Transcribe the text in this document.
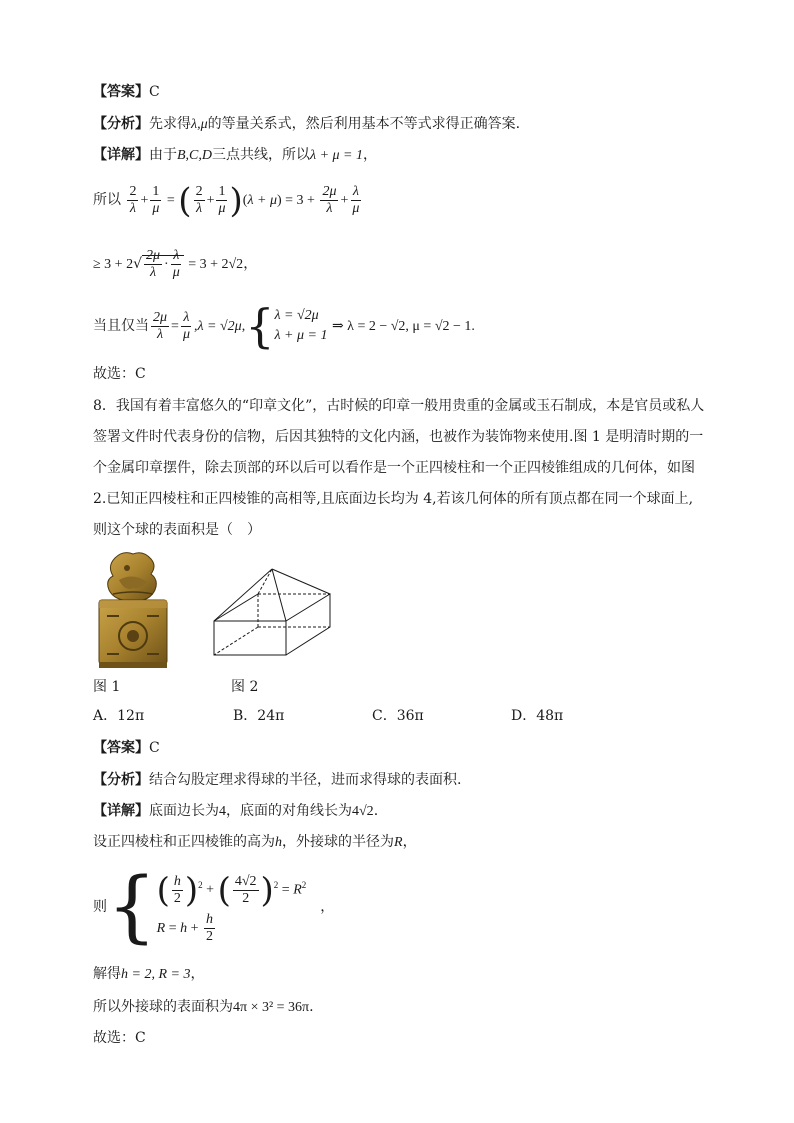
【答案】C
【分析】先求得λ,μ的等量关系式，然后利用基本不等式求得正确答案.
【详解】由于B,C,D三点共线，所以λ + μ = 1，
所以 $\frac{2}{\lambda} + \frac{1}{\mu}$ = ( $\frac{2}{\lambda} + \frac{1}{\mu} )(\lambda + \mu) = 3 + \frac{2\mu}{\lambda} + \frac{\lambda}{\mu}$
≥ $3 + 2√ \frac{2\mu}{\lambda} \cdot \frac{\lambda}{\mu} = 3 + 2√2$，
当且仅当 $\frac{2\mu}{\lambda} = \frac{\lambda}{\mu} ,\lambda = √2\mu$,{ λ = √2μ
λ + μ = 1
⇒ λ = 2 − √2, μ = √2 − 1.
故选：C
8．我国有着丰富悠久的“印章文化”，古时候的印章一般用贵重的金属或玉石制成，本是官员或私人
签署文件时代表身份的信物，后因其独特的文化内涵，也被作为装饰物来使用.图 1 是明清时期的一
个金属印章摆件，除去顶部的环以后可以看作是一个正四棱柱和一个正四棱锥组成的几何体，如图
2.已知正四棱柱和正四棱锥的高相等,且底面边长均为 4,若该几何体的所有顶点都在同一个球面上,
则这个球的表面积是（　）
图 1	图 2
A．12π	B．24π	C．36π	D．48π
【答案】C
【分析】结合勾股定理求得球的半径，进而求得球的表面积.
【详解】底面边长为4，底面的对角线长为4√2.
设正四棱柱和正四棱锥的高为h，外接球的半径为R，
则{ ( $\frac{h}{2} )^2$ + ( $\frac{4√2}{2} )^2 = R^2$
$R = h + \frac{h}{2}$
，
解得h = 2, R = 3，
所以外接球的表面积为4π × 3² = 36π.
故选：C
